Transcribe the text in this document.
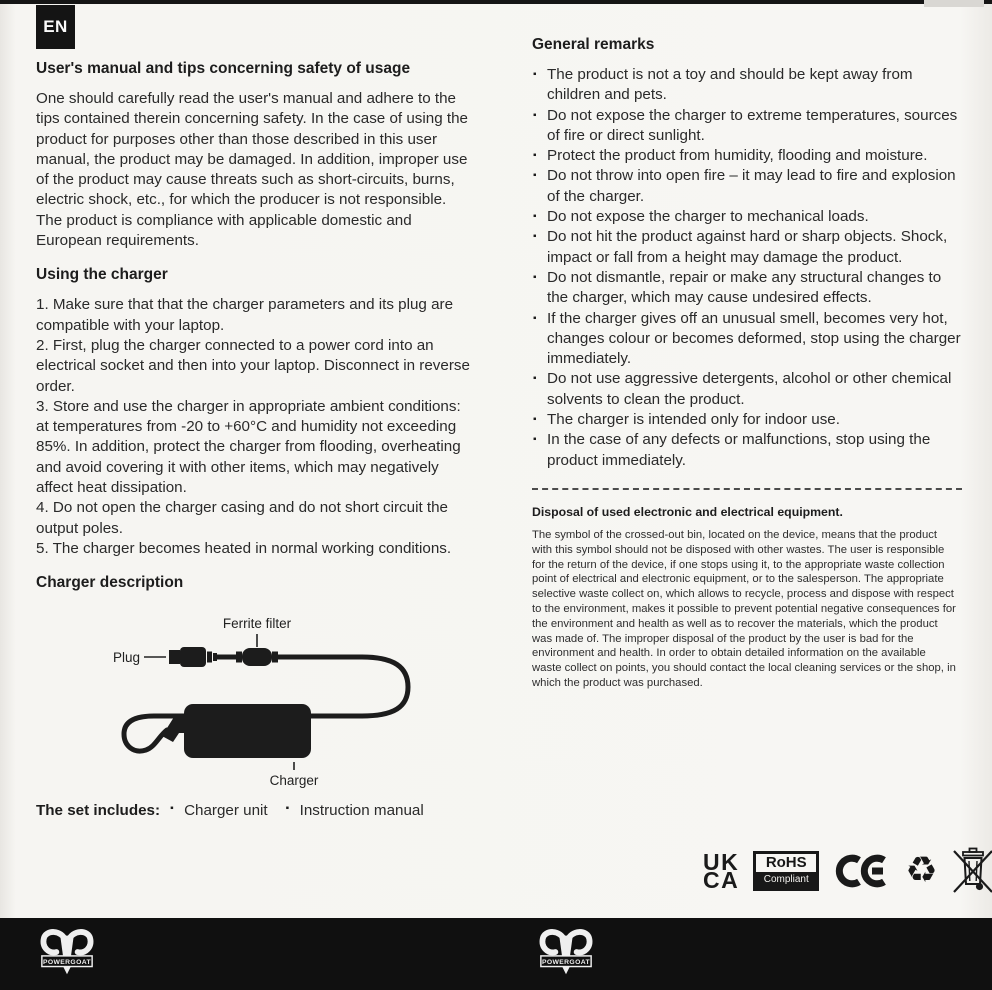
EN

User's manual and tips concerning safety of usage

One should carefully read the user's manual and adhere to the tips contained therein concerning safety. In the case of using the product for purposes other than those described in this user manual, the product may be damaged. In addition, improper use of the product may cause threats such as short-circuits, burns, electric shock, etc., for which the producer is not responsible. The product is compliance with applicable domestic and European requirements.

Using the charger

1. Make sure that that the charger parameters and its plug are compatible with your laptop.

2. First, plug the charger connected to a power cord into an electrical socket and then into your laptop. Disconnect in reverse order.

3. Store and use the charger in appropriate ambient conditions: at temperatures from -20 to +60°C and humidity not exceeding 85%. In addition, protect the charger from flooding, overheating and avoid covering it with other items, which may negatively affect heat dissipation.

4. Do not open the charger casing and do not short circuit the output poles.

5. The charger becomes heated in normal working conditions.

Charger description

Ferrite filter
Plug
Charger
The set includes:	▪ Charger unit	▪ Instruction manual

General remarks

▪ The product is not a toy and should be kept away from children and pets.
▪ Do not expose the charger to extreme temperatures, sources of fire or direct sunlight.
▪ Protect the product from humidity, flooding and moisture.
▪ Do not throw into open fire – it may lead to fire and explosion of the charger.
▪ Do not expose the charger to mechanical loads.
▪ Do not hit the product against hard or sharp objects. Shock, impact or fall from a height may damage the product.
▪ Do not dismantle, repair or make any structural changes to the charger, which may cause undesired effects.
▪ If the charger gives off an unusual smell, becomes very hot, changes colour or becomes deformed, stop using the charger immediately.
▪ Do not use aggressive detergents, alcohol or other chemical solvents to clean the product.
▪ The charger is intended only for indoor use.
▪ In the case of any defects or malfunctions, stop using the product immediately.

Disposal of used electronic and electrical equipment.

The symbol of the crossed-out bin, located on the device, means that the product with this symbol should not be disposed with other wastes. The user is responsible for the return of the device, if one stops using it, to the appropriate waste collection point of electrical and electronic equipment, or to the salesperson. The appropriate selective waste collect on, which allows to recycle, process and dispose with respect to the environment, makes it possible to prevent potential negative consequences for the environment and health as well as to recover the materials, which the product was made of. The improper disposal of the product by the user is bad for the environment and health. In order to obtain detailed information on the available waste collect on points, you should contact the local cleaning services or the shop, in which the product was purchased.

UK
CA
RoHS
Compliant	♻
POWERGOAT	POWERGOAT
